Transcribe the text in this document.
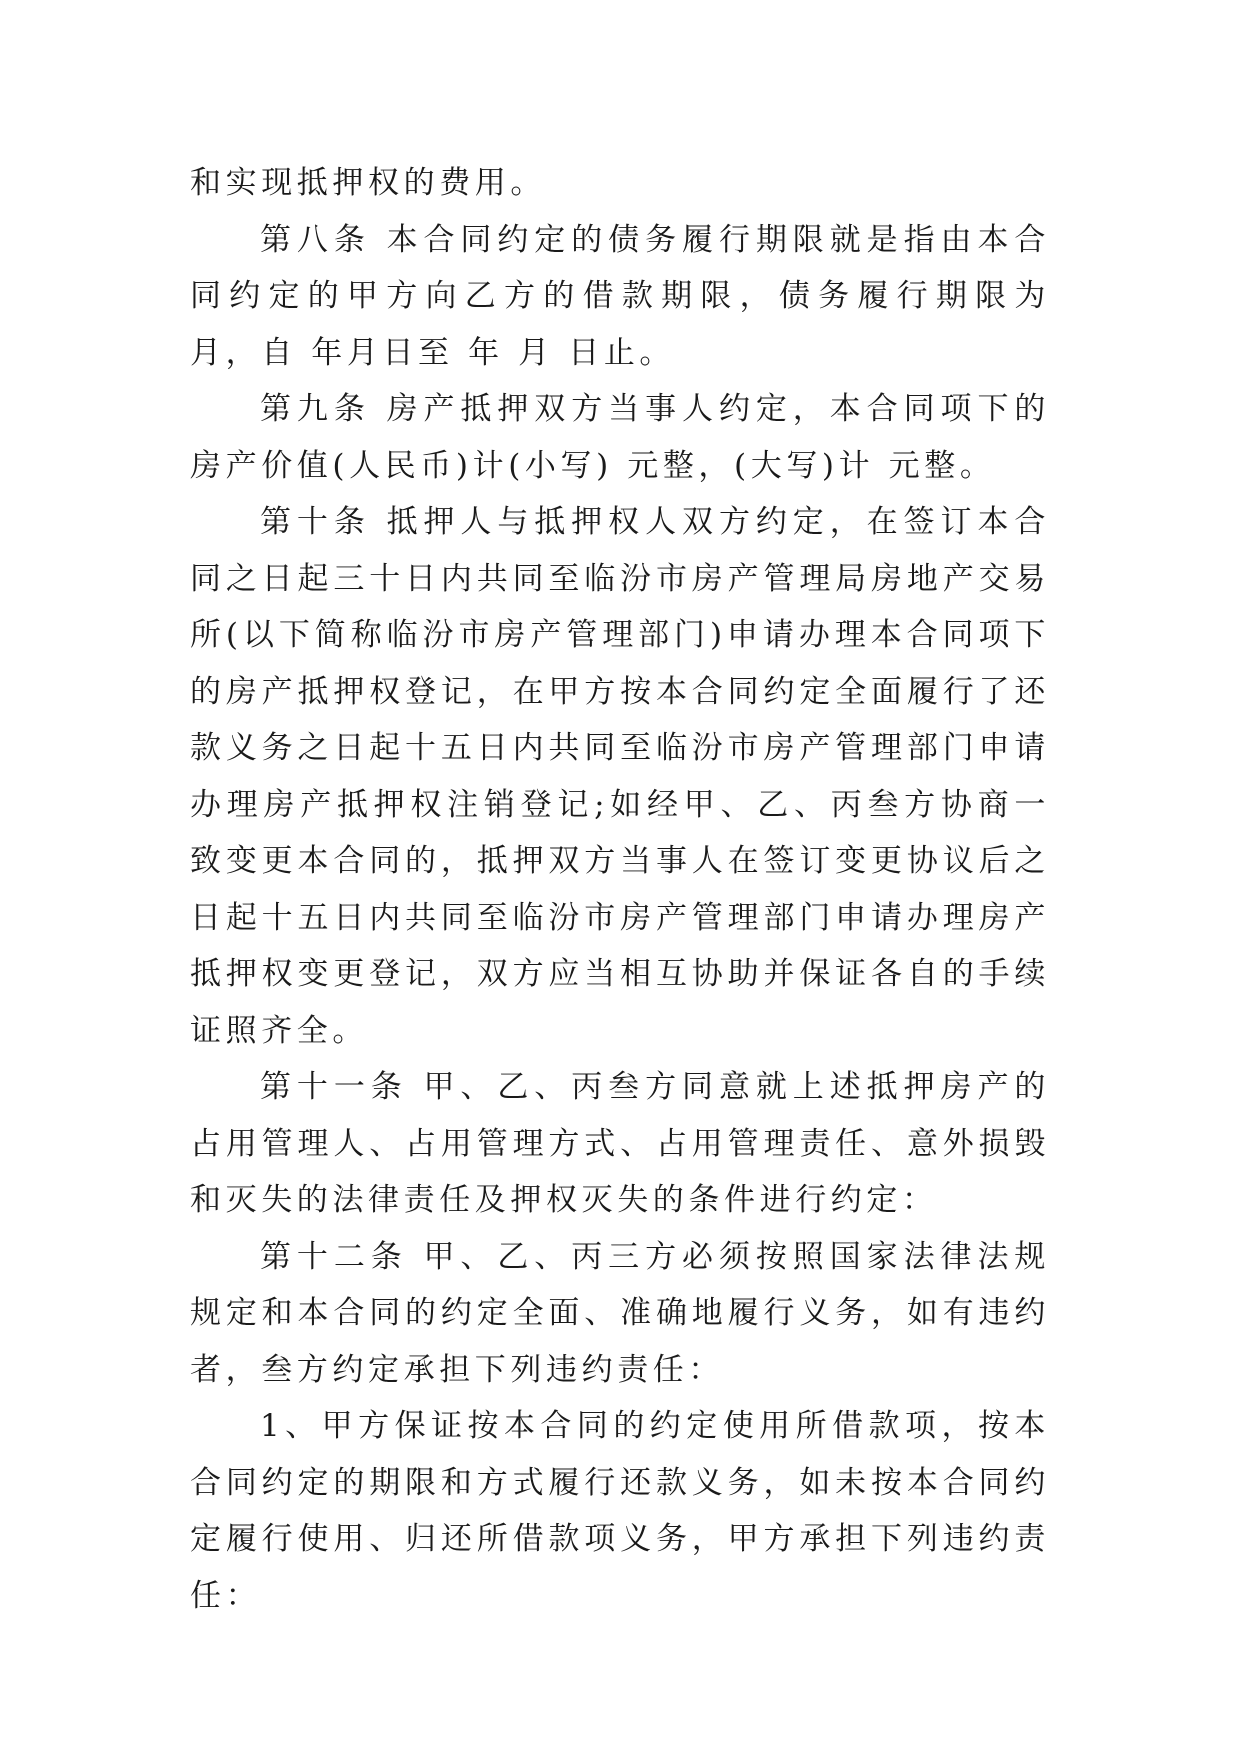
和实现抵押权的费用。

第八条 本合同约定的债务履行期限就是指由本合同约定的甲方向乙方的借款期限，债务履行期限为 月，自 年月日至 年 月 日止。

第九条 房产抵押双方当事人约定，本合同项下的房产价值(人民币)计(小写) 元整，(大写)计 元整。

第十条 抵押人与抵押权人双方约定，在签订本合同之日起三十日内共同至临汾市房产管理局房地产交易所(以下简称临汾市房产管理部门)申请办理本合同项下的房产抵押权登记，在甲方按本合同约定全面履行了还款义务之日起十五日内共同至临汾市房产管理部门申请办理房产抵押权注销登记;如经甲、乙、丙叁方协商一致变更本合同的，抵押双方当事人在签订变更协议后之日起十五日内共同至临汾市房产管理部门申请办理房产抵押权变更登记，双方应当相互协助并保证各自的手续证照齐全。

第十一条 甲、乙、丙叁方同意就上述抵押房产的占用管理人、占用管理方式、占用管理责任、意外损毁和灭失的法律责任及押权灭失的条件进行约定：

第十二条 甲、乙、丙三方必须按照国家法律法规规定和本合同的约定全面、准确地履行义务，如有违约者，叁方约定承担下列违约责任：

1、甲方保证按本合同的约定使用所借款项，按本合同约定的期限和方式履行还款义务，如未按本合同约定履行使用、归还所借款项义务，甲方承担下列违约责任：
